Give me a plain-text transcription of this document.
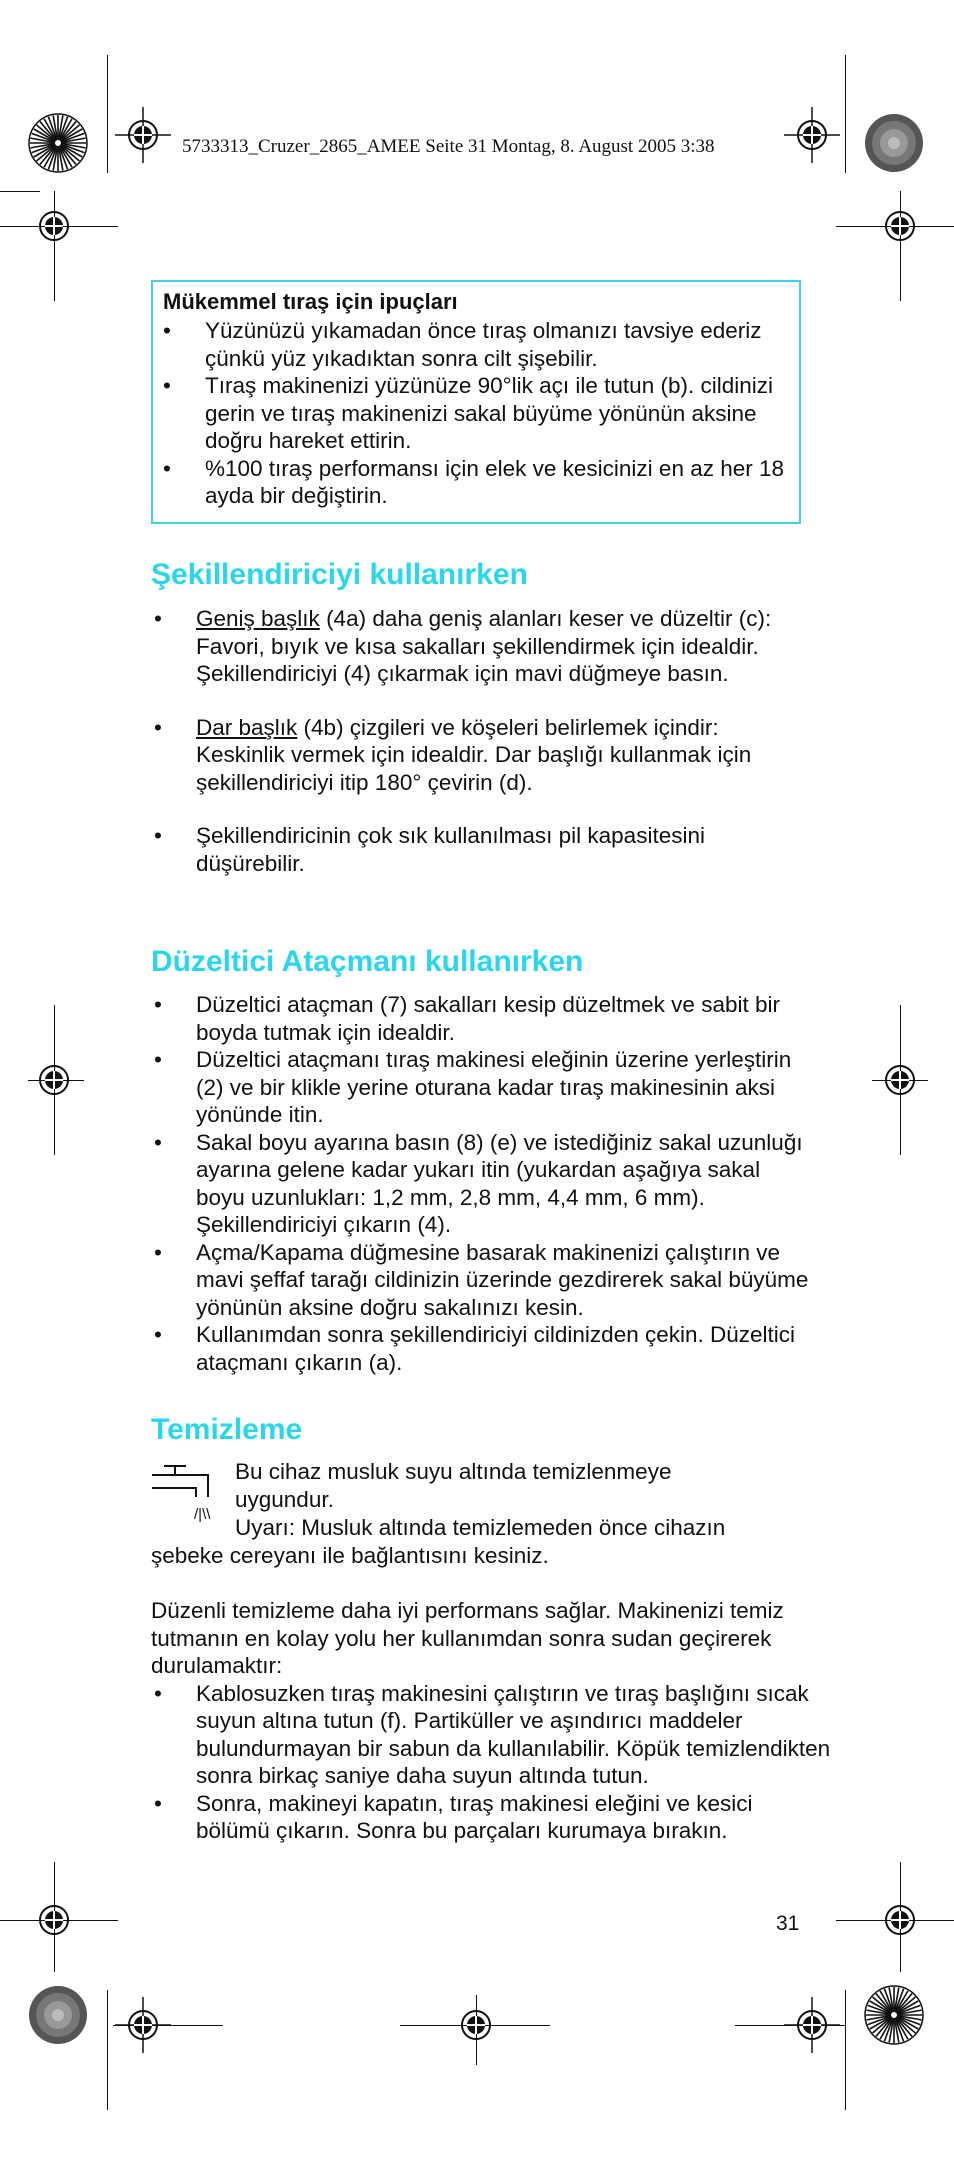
5733313_Cruzer_2865_AMEE Seite 31 Montag, 8. August 2005 3:38
Mükemmel tıraş için ipuçları
• Yüzünüzü yıkamadan önce tıraş olmanızı tavsiye ederiz çünkü yüz yıkadıktan sonra cilt şişebilir.
• Tıraş makinenizi yüzünüze 90°lik açı ile tutun (b). cildinizi gerin ve tıraş makinenizi sakal büyüme yönünün aksine doğru hareket ettirin.
• %100 tıraş performansı için elek ve kesicinizi en az her 18 ayda bir değiştirin.
Şekillendiriciyi kullanırken
• Geniş başlık (4a) daha geniş alanları keser ve düzeltir (c): Favori, bıyık ve kısa sakalları şekillendirmek için idealdir. Şekillendiriciyi (4) çıkarmak için mavi düğmeye basın.
• Dar başlık (4b) çizgileri ve köşeleri belirlemek içindir: Keskinlik vermek için idealdir. Dar başlığı kullanmak için şekillendiriciyi itip 180° çevirin (d).
• Şekillendiricinin çok sık kullanılması pil kapasitesini düşürebilir.
Düzeltici Ataçmanı kullanırken
• Düzeltici ataçman (7) sakalları kesip düzeltmek ve sabit bir boyda tutmak için idealdir.
• Düzeltici ataçmanı tıraş makinesi eleğinin üzerine yerleştirin (2) ve bir klikle yerine oturana kadar tıraş makinesinin aksi yönünde itin.
• Sakal boyu ayarına basın (8) (e) ve istediğiniz sakal uzunluğı ayarına gelene kadar yukarı itin (yukardan aşağıya sakal boyu uzunlukları: 1,2 mm, 2,8 mm, 4,4 mm, 6 mm). Şekillendiriciyi çıkarın (4).
• Açma/Kapama düğmesine basarak makinenizi çalıştırın ve mavi şeffaf tarağı cildinizin üzerinde gezdirerek sakal büyüme yönünün aksine doğru sakalınızı kesin.
• Kullanımdan sonra şekillendiriciyi cildinizden çekin. Düzeltici ataçmanı çıkarın (a).
Temizleme
/|\\
Bu cihaz musluk suyu altında temizlenmeye
uygundur.
Uyarı: Musluk altında temizlemeden önce cihazın
şebeke cereyanı ile bağlantısını kesiniz.

Düzenli temizleme daha iyi performans sağlar. Makinenizi temiz tutmanın en kolay yolu her kullanımdan sonra sudan geçirerek durulamaktır:

• Kablosuzken tıraş makinesini çalıştırın ve tıraş başlığını sıcak suyun altına tutun (f). Partiküller ve aşındırıcı maddeler bulundurmayan bir sabun da kullanılabilir. Köpük temizlendikten sonra birkaç saniye daha suyun altında tutun.
• Sonra, makineyi kapatın, tıraş makinesi eleğini ve kesici bölümü çıkarın. Sonra bu parçaları kurumaya bırakın.
31
